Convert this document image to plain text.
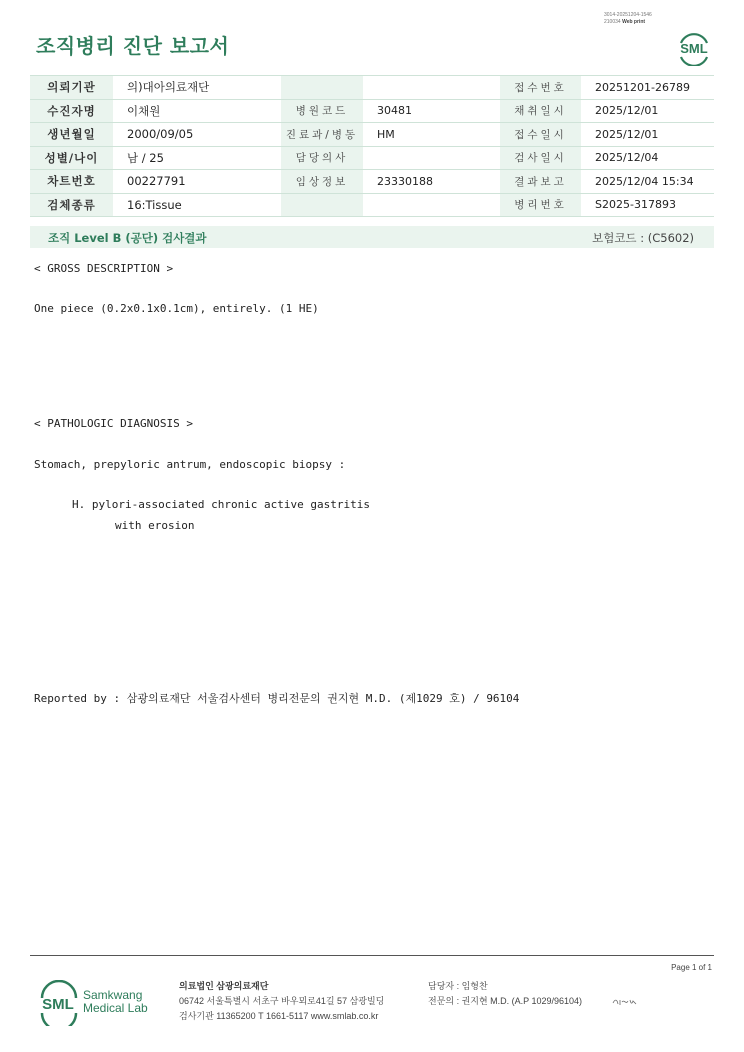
3014-20251204-1546
210034 Web print
조직병리 진단 보고서	SML
의뢰기관	의)대아의료재단			접수번호	20251201-26789
수진자명	이채원	병원코드	30481	채취일시	2025/12/01
생년월일	2000/09/05	진료과/병동	HM	접수일시	2025/12/01
성별/나이	남 / 25	담당의사		검사일시	2025/12/04
차트번호	00227791	임상정보	23330188	결과보고	2025/12/04 15:34
검체종류	16:Tissue			병리번호	S2025-317893
조직 Level B (공단) 검사결과	보험코드 : (C5602)
< GROSS DESCRIPTION >
One piece (0.2x0.1x0.1cm), entirely. (1 HE)
< PATHOLOGIC DIAGNOSIS >
Stomach, prepyloric antrum, endoscopic biopsy :
H. pylori-associated chronic active gastritis
with erosion
Reported by : 삼광의료재단 서울검사센터 병리전문의 권지현 M.D. (제1029 호) / 96104
Page 1 of 1
SML
Samkwang
Medical Lab
의료법인 삼광의료재단
06742 서울특별시 서초구 바우뫼로41길 57 삼광빌딩
검사기관 11365200 T 1661-5117 www.smlab.co.kr
담당자 : 임형찬
전문의 : 권지현 M.D. (A.P 1029/96104)
